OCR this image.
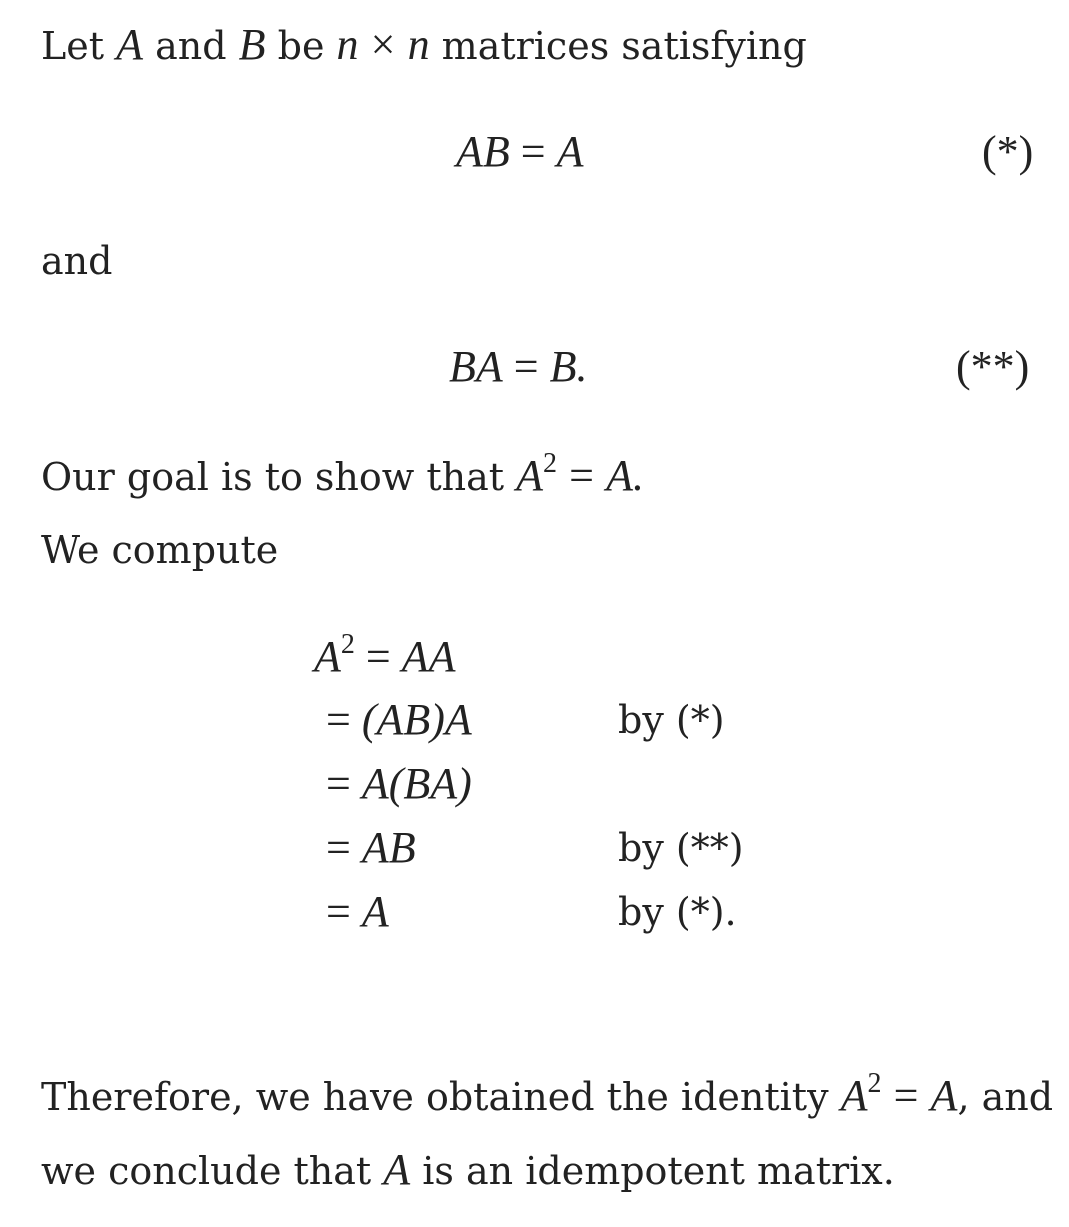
Let A and B be n × n matrices satisfying
AB = A	(*)
and
BA = B.	(**)
Our goal is to show that $A^2 = A$.
We compute
$A^2$ = AA
= (AB)A	by (*)
= A(BA)
= AB	by (**)
= A	by (*).
Therefore, we have obtained the identity $A^2 = A$, and
we conclude that A is an idempotent matrix.
